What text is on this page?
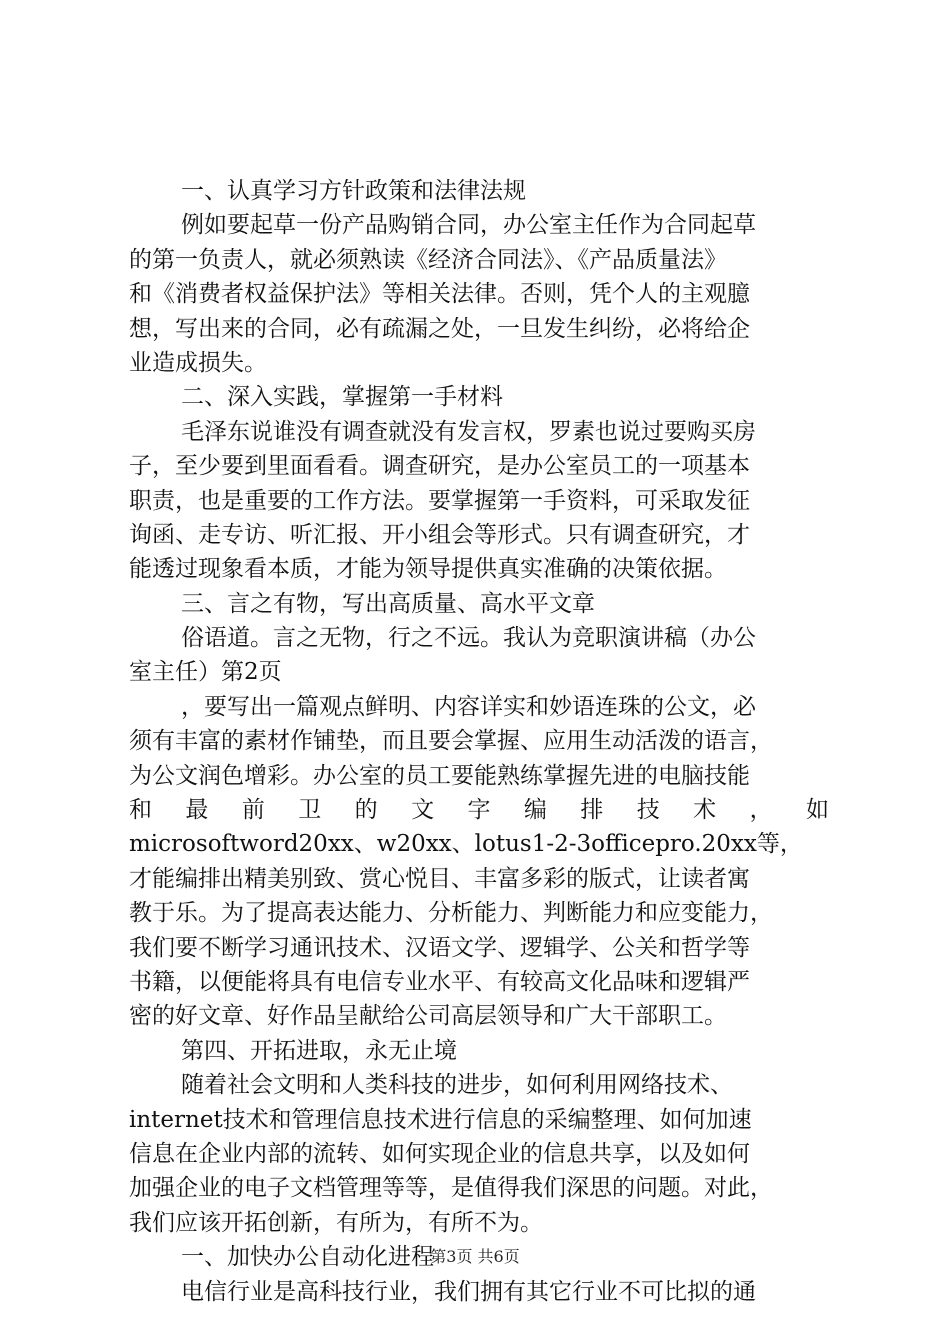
一、认真学习方针政策和法律法规
例如要起草一份产品购销合同，办公室主任作为合同起草
的第一负责人，就必须熟读《经济合同法》、《产品质量法》
和《消费者权益保护法》等相关法律。否则，凭个人的主观臆
想，写出来的合同，必有疏漏之处，一旦发生纠纷，必将给企
业造成损失。
二、深入实践，掌握第一手材料
毛泽东说谁没有调查就没有发言权，罗素也说过要购买房
子，至少要到里面看看。调查研究，是办公室员工的一项基本
职责，也是重要的工作方法。要掌握第一手资料，可采取发征
询函、走专访、听汇报、开小组会等形式。只有调查研究，才
能透过现象看本质，才能为领导提供真实准确的决策依据。
三、言之有物，写出高质量、高水平文章
俗语道。言之无物，行之不远。我认为竞职演讲稿（办公
室主任）第2页
，要写出一篇观点鲜明、内容详实和妙语连珠的公文，必
须有丰富的素材作铺垫，而且要会掌握、应用生动活泼的语言，
为公文润色增彩。办公室的员工要能熟练掌握先进的电脑技能
和 最 前 卫 的 文 字 编 排 技 术 ， 如
microsoftword20xx、w20xx、lotus1-2-3officepro.20xx等，
才能编排出精美别致、赏心悦目、丰富多彩的版式，让读者寓
教于乐。为了提高表达能力、分析能力、判断能力和应变能力，
我们要不断学习通讯技术、汉语文学、逻辑学、公关和哲学等
书籍，以便能将具有电信专业水平、有较高文化品味和逻辑严
密的好文章、好作品呈献给公司高层领导和广大干部职工。
第四、开拓进取，永无止境
随着社会文明和人类科技的进步，如何利用网络技术、
internet技术和管理信息技术进行信息的采编整理、如何加速
信息在企业内部的流转、如何实现企业的信息共享，以及如何
加强企业的电子文档管理等等，是值得我们深思的问题。对此，
我们应该开拓创新，有所为，有所不为。
一、加快办公自动化进程
电信行业是高科技行业，我们拥有其它行业不可比拟的通
第3页 共6页
